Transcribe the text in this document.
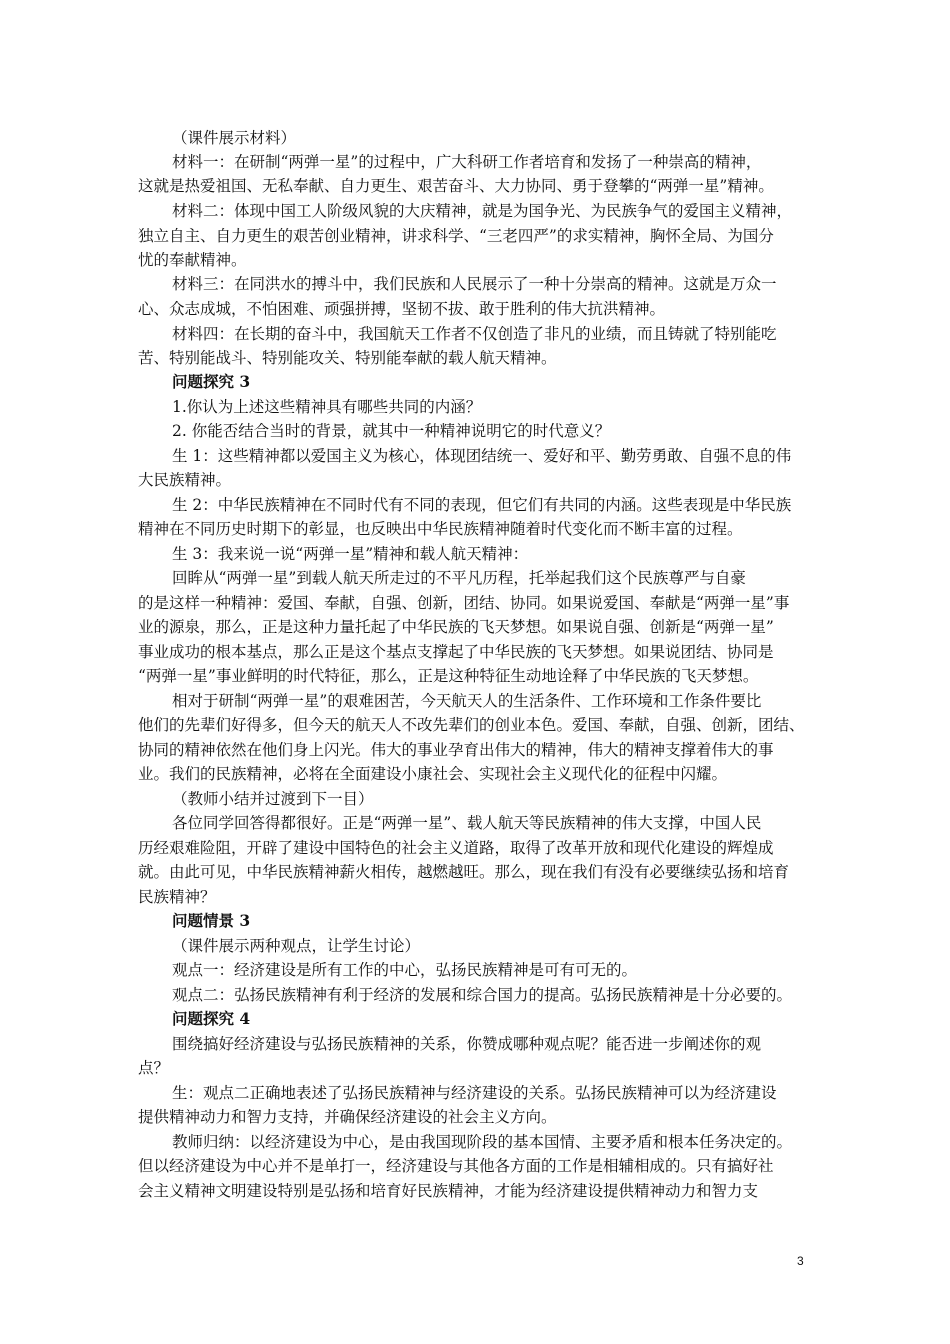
（课件展示材料）
材料一：在研制“两弹一星”的过程中，广大科研工作者培育和发扬了一种崇高的精神，
这就是热爱祖国、无私奉献、自力更生、艰苦奋斗、大力协同、勇于登攀的“两弹一星”精神。
材料二：体现中国工人阶级风貌的大庆精神，就是为国争光、为民族争气的爱国主义精神，
独立自主、自力更生的艰苦创业精神，讲求科学、“三老四严”的求实精神，胸怀全局、为国分
忧的奉献精神。
材料三：在同洪水的搏斗中，我们民族和人民展示了一种十分崇高的精神。这就是万众一
心、众志成城，不怕困难、顽强拼搏，坚韧不拔、敢于胜利的伟大抗洪精神。
材料四：在长期的奋斗中，我国航天工作者不仅创造了非凡的业绩，而且铸就了特别能吃
苦、特别能战斗、特别能攻关、特别能奉献的载人航天精神。
问题探究 3
1.你认为上述这些精神具有哪些共同的内涵？
2. 你能否结合当时的背景，就其中一种精神说明它的时代意义？
生 1：这些精神都以爱国主义为核心，体现团结统一、爱好和平、勤劳勇敢、自强不息的伟
大民族精神。
生 2：中华民族精神在不同时代有不同的表现，但它们有共同的内涵。这些表现是中华民族
精神在不同历史时期下的彰显，也反映出中华民族精神随着时代变化而不断丰富的过程。
生 3：我来说一说“两弹一星”精神和载人航天精神：
回眸从“两弹一星”到载人航天所走过的不平凡历程，托举起我们这个民族尊严与自豪
的是这样一种精神：爱国、奉献，自强、创新，团结、协同。如果说爱国、奉献是“两弹一星”事
业的源泉，那么，正是这种力量托起了中华民族的飞天梦想。如果说自强、创新是“两弹一星”
事业成功的根本基点，那么正是这个基点支撑起了中华民族的飞天梦想。如果说团结、协同是
“两弹一星”事业鲜明的时代特征，那么，正是这种特征生动地诠释了中华民族的飞天梦想。
相对于研制“两弹一星”的艰难困苦，今天航天人的生活条件、工作环境和工作条件要比
他们的先辈们好得多，但今天的航天人不改先辈们的创业本色。爱国、奉献，自强、创新，团结、
协同的精神依然在他们身上闪光。伟大的事业孕育出伟大的精神，伟大的精神支撑着伟大的事
业。我们的民族精神，必将在全面建设小康社会、实现社会主义现代化的征程中闪耀。
（教师小结并过渡到下一目）
各位同学回答得都很好。正是“两弹一星”、载人航天等民族精神的伟大支撑，中国人民
历经艰难险阻，开辟了建设中国特色的社会主义道路，取得了改革开放和现代化建设的辉煌成
就。由此可见，中华民族精神薪火相传，越燃越旺。那么，现在我们有没有必要继续弘扬和培育
民族精神？
问题情景 3
（课件展示两种观点，让学生讨论）
观点一：经济建设是所有工作的中心，弘扬民族精神是可有可无的。
观点二：弘扬民族精神有利于经济的发展和综合国力的提高。弘扬民族精神是十分必要的。
问题探究 4
围绕搞好经济建设与弘扬民族精神的关系，你赞成哪种观点呢？能否进一步阐述你的观
点？
生：观点二正确地表述了弘扬民族精神与经济建设的关系。弘扬民族精神可以为经济建设
提供精神动力和智力支持，并确保经济建设的社会主义方向。
教师归纳：以经济建设为中心，是由我国现阶段的基本国情、主要矛盾和根本任务决定的。
但以经济建设为中心并不是单打一，经济建设与其他各方面的工作是相辅相成的。只有搞好社
会主义精神文明建设特别是弘扬和培育好民族精神，才能为经济建设提供精神动力和智力支
3
